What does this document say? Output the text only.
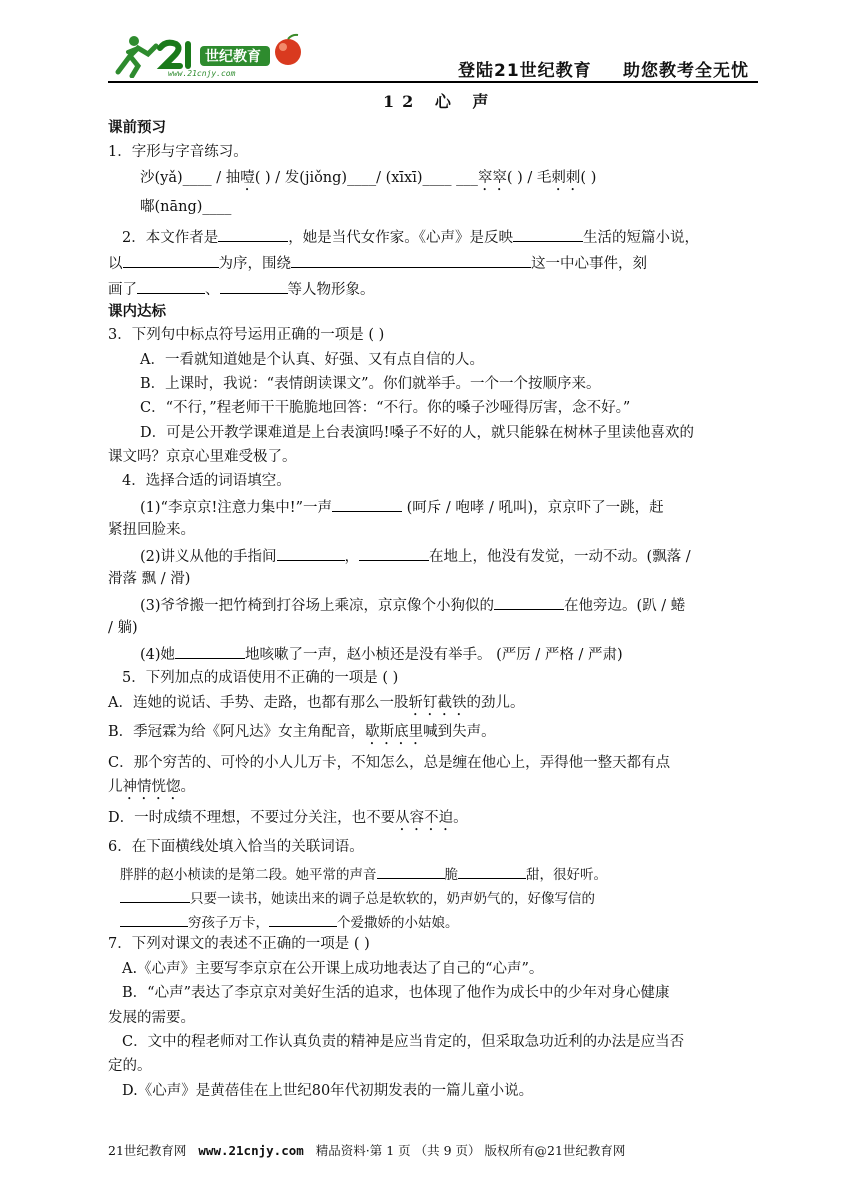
世纪教育
www.21cnjy.com	登陆21世纪教育 助您教考全无忧
12 心 声
课前预习
1．字形与字音练习。
沙(yǎ)____ / 抽噎( ) / 发(jiǒng)____/ (xīxī)____ ___窣窣( ) / 毛刺刺( )
嘟(nāng)____
2．本文作者是	，她是当代女作家。《心声》是反映	生活的短篇小说，
以	为序，围绕	这一中心事件，刻
画了	、	等人物形象。
课内达标
3．下列句中标点符号运用正确的一项是 ( )
A．一看就知道她是个认真、好强、又有点自信的人。
B．上课时，我说：“表情朗读课文”。你们就举手。一个一个按顺序来。
C．“不行，”程老师干干脆脆地回答：“不行。你的嗓子沙哑得厉害，念不好。”
D．可是公开教学课难道是上台表演吗!嗓子不好的人，就只能躲在树林子里读他喜欢的
课文吗？京京心里难受极了。
4．选择合适的词语填空。
(1)“李京京!注意力集中!”一声	(呵斥 / 咆哮 / 吼叫)，京京吓了一跳，赶
紧扭回脸来。
(2)讲义从他的手指间	，	在地上，他没有发觉，一动不动。(飘落 /
滑落 飘 / 滑)
(3)爷爷搬一把竹椅到打谷场上乘凉，京京像个小狗似的	在他旁边。(趴 / 蜷
/ 躺)
(4)她	地咳嗽了一声，赵小桢还是没有举手。 (严厉 / 严格 / 严肃)
5．下列加点的成语使用不正确的一项是 ( )
A．连她的说话、手势、走路，也都有那么一股斩钉截铁的劲儿。
B．季冠霖为给《阿凡达》女主角配音，歇斯底里喊到失声。
C．那个穷苦的、可怜的小人儿万卡，不知怎么，总是缠在他心上，弄得他一整天都有点
儿神情恍惚。
D．一时成绩不理想，不要过分关注，也不要从容不迫。
6．在下面横线处填入恰当的关联词语。
胖胖的赵小桢读的是第二段。她平常的声音	脆	甜，很好听。
只要一读书，她读出来的调子总是软软的，奶声奶气的，好像写信的
穷孩子万卡，	个爱撒娇的小姑娘。
7．下列对课文的表述不正确的一项是 ( )
A.《心声》主要写李京京在公开课上成功地表达了自己的“心声”。
B．“心声”表达了李京京对美好生活的追求，也体现了他作为成长中的少年对身心健康
发展的需要。
C．文中的程老师对工作认真负责的精神是应当肯定的，但采取急功近利的办法是应当否
定的。
D.《心声》是黄蓓佳在上世纪80年代初期发表的一篇儿童小说。
21世纪教育网 www.21cnjy.com 精品资料·第 1 页 （共 9 页） 版权所有@21世纪教育网
